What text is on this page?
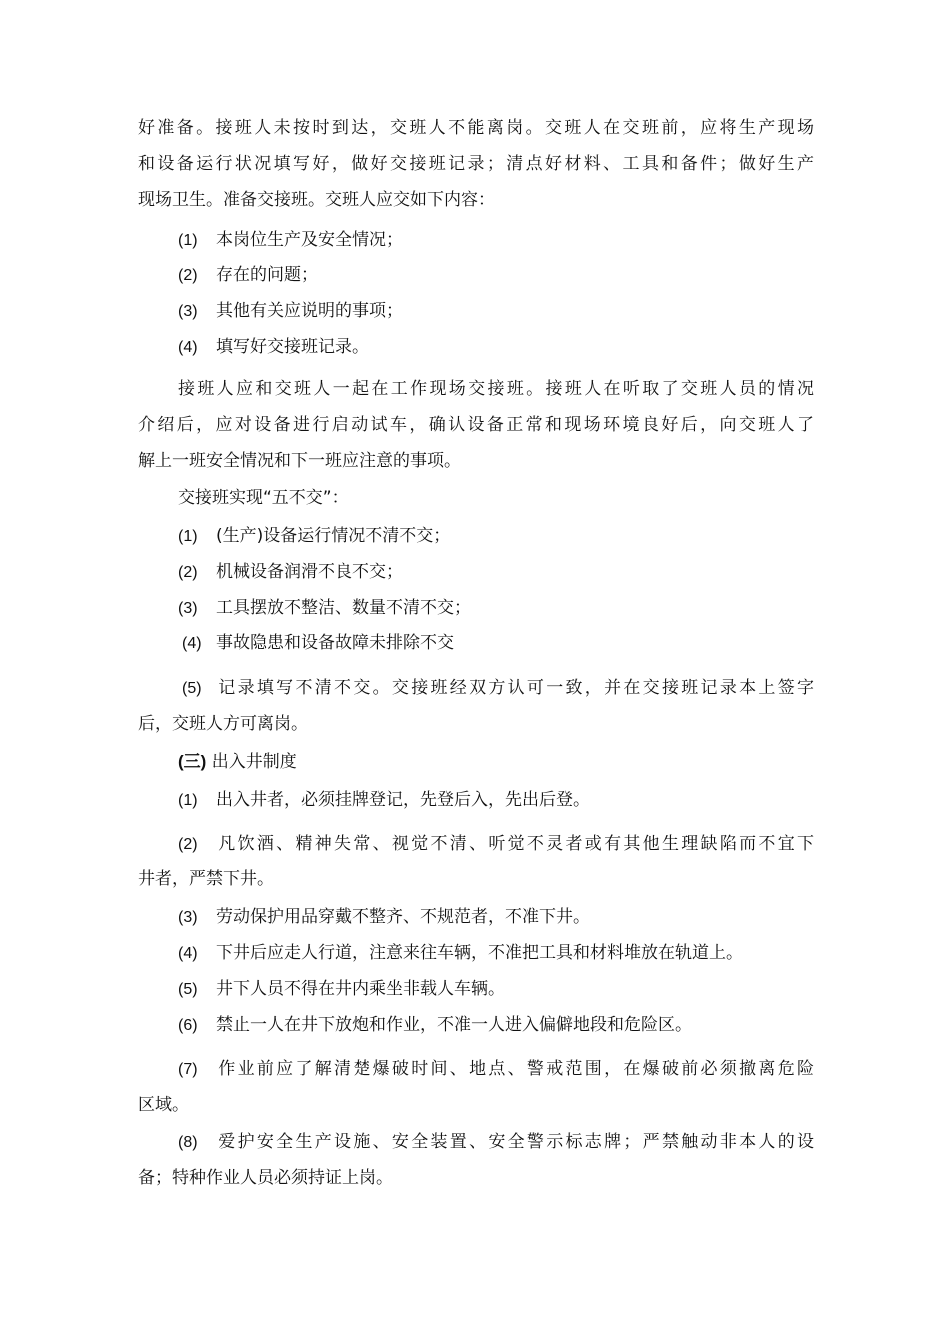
好准备。接班人未按时到达，交班人不能离岗。交班人在交班前，应将生产现场
和设备运行状况填写好，做好交接班记录；清点好材料、工具和备件；做好生产
现场卫生。准备交接班。交班人应交如下内容：
(1) 本岗位生产及安全情况；
(2) 存在的问题；
(3) 其他有关应说明的事项；
(4) 填写好交接班记录。
接班人应和交班人一起在工作现场交接班。接班人在听取了交班人员的情况
介绍后，应对设备进行启动试车，确认设备正常和现场环境良好后，向交班人了
解上一班安全情况和下一班应注意的事项。
交接班实现“五不交”：
(1) (生产)设备运行情况不清不交；
(2) 机械设备润滑不良不交；
(3) 工具摆放不整洁、数量不清不交；
(4) 事故隐患和设备故障未排除不交
(5) 记录填写不清不交。交接班经双方认可一致，并在交接班记录本上签字
后，交班人方可离岗。
(三) 出入井制度
(1) 出入井者，必须挂牌登记，先登后入，先出后登。
(2) 凡饮酒、精神失常、视觉不清、听觉不灵者或有其他生理缺陷而不宜下
井者，严禁下井。
(3) 劳动保护用品穿戴不整齐、不规范者，不准下井。
(4) 下井后应走人行道，注意来往车辆，不准把工具和材料堆放在轨道上。
(5) 井下人员不得在井内乘坐非载人车辆。
(6) 禁止一人在井下放炮和作业，不准一人进入偏僻地段和危险区。
(7) 作业前应了解清楚爆破时间、地点、警戒范围，在爆破前必须撤离危险
区域。
(8) 爱护安全生产设施、安全装置、安全警示标志牌；严禁触动非本人的设
备；特种作业人员必须持证上岗。
